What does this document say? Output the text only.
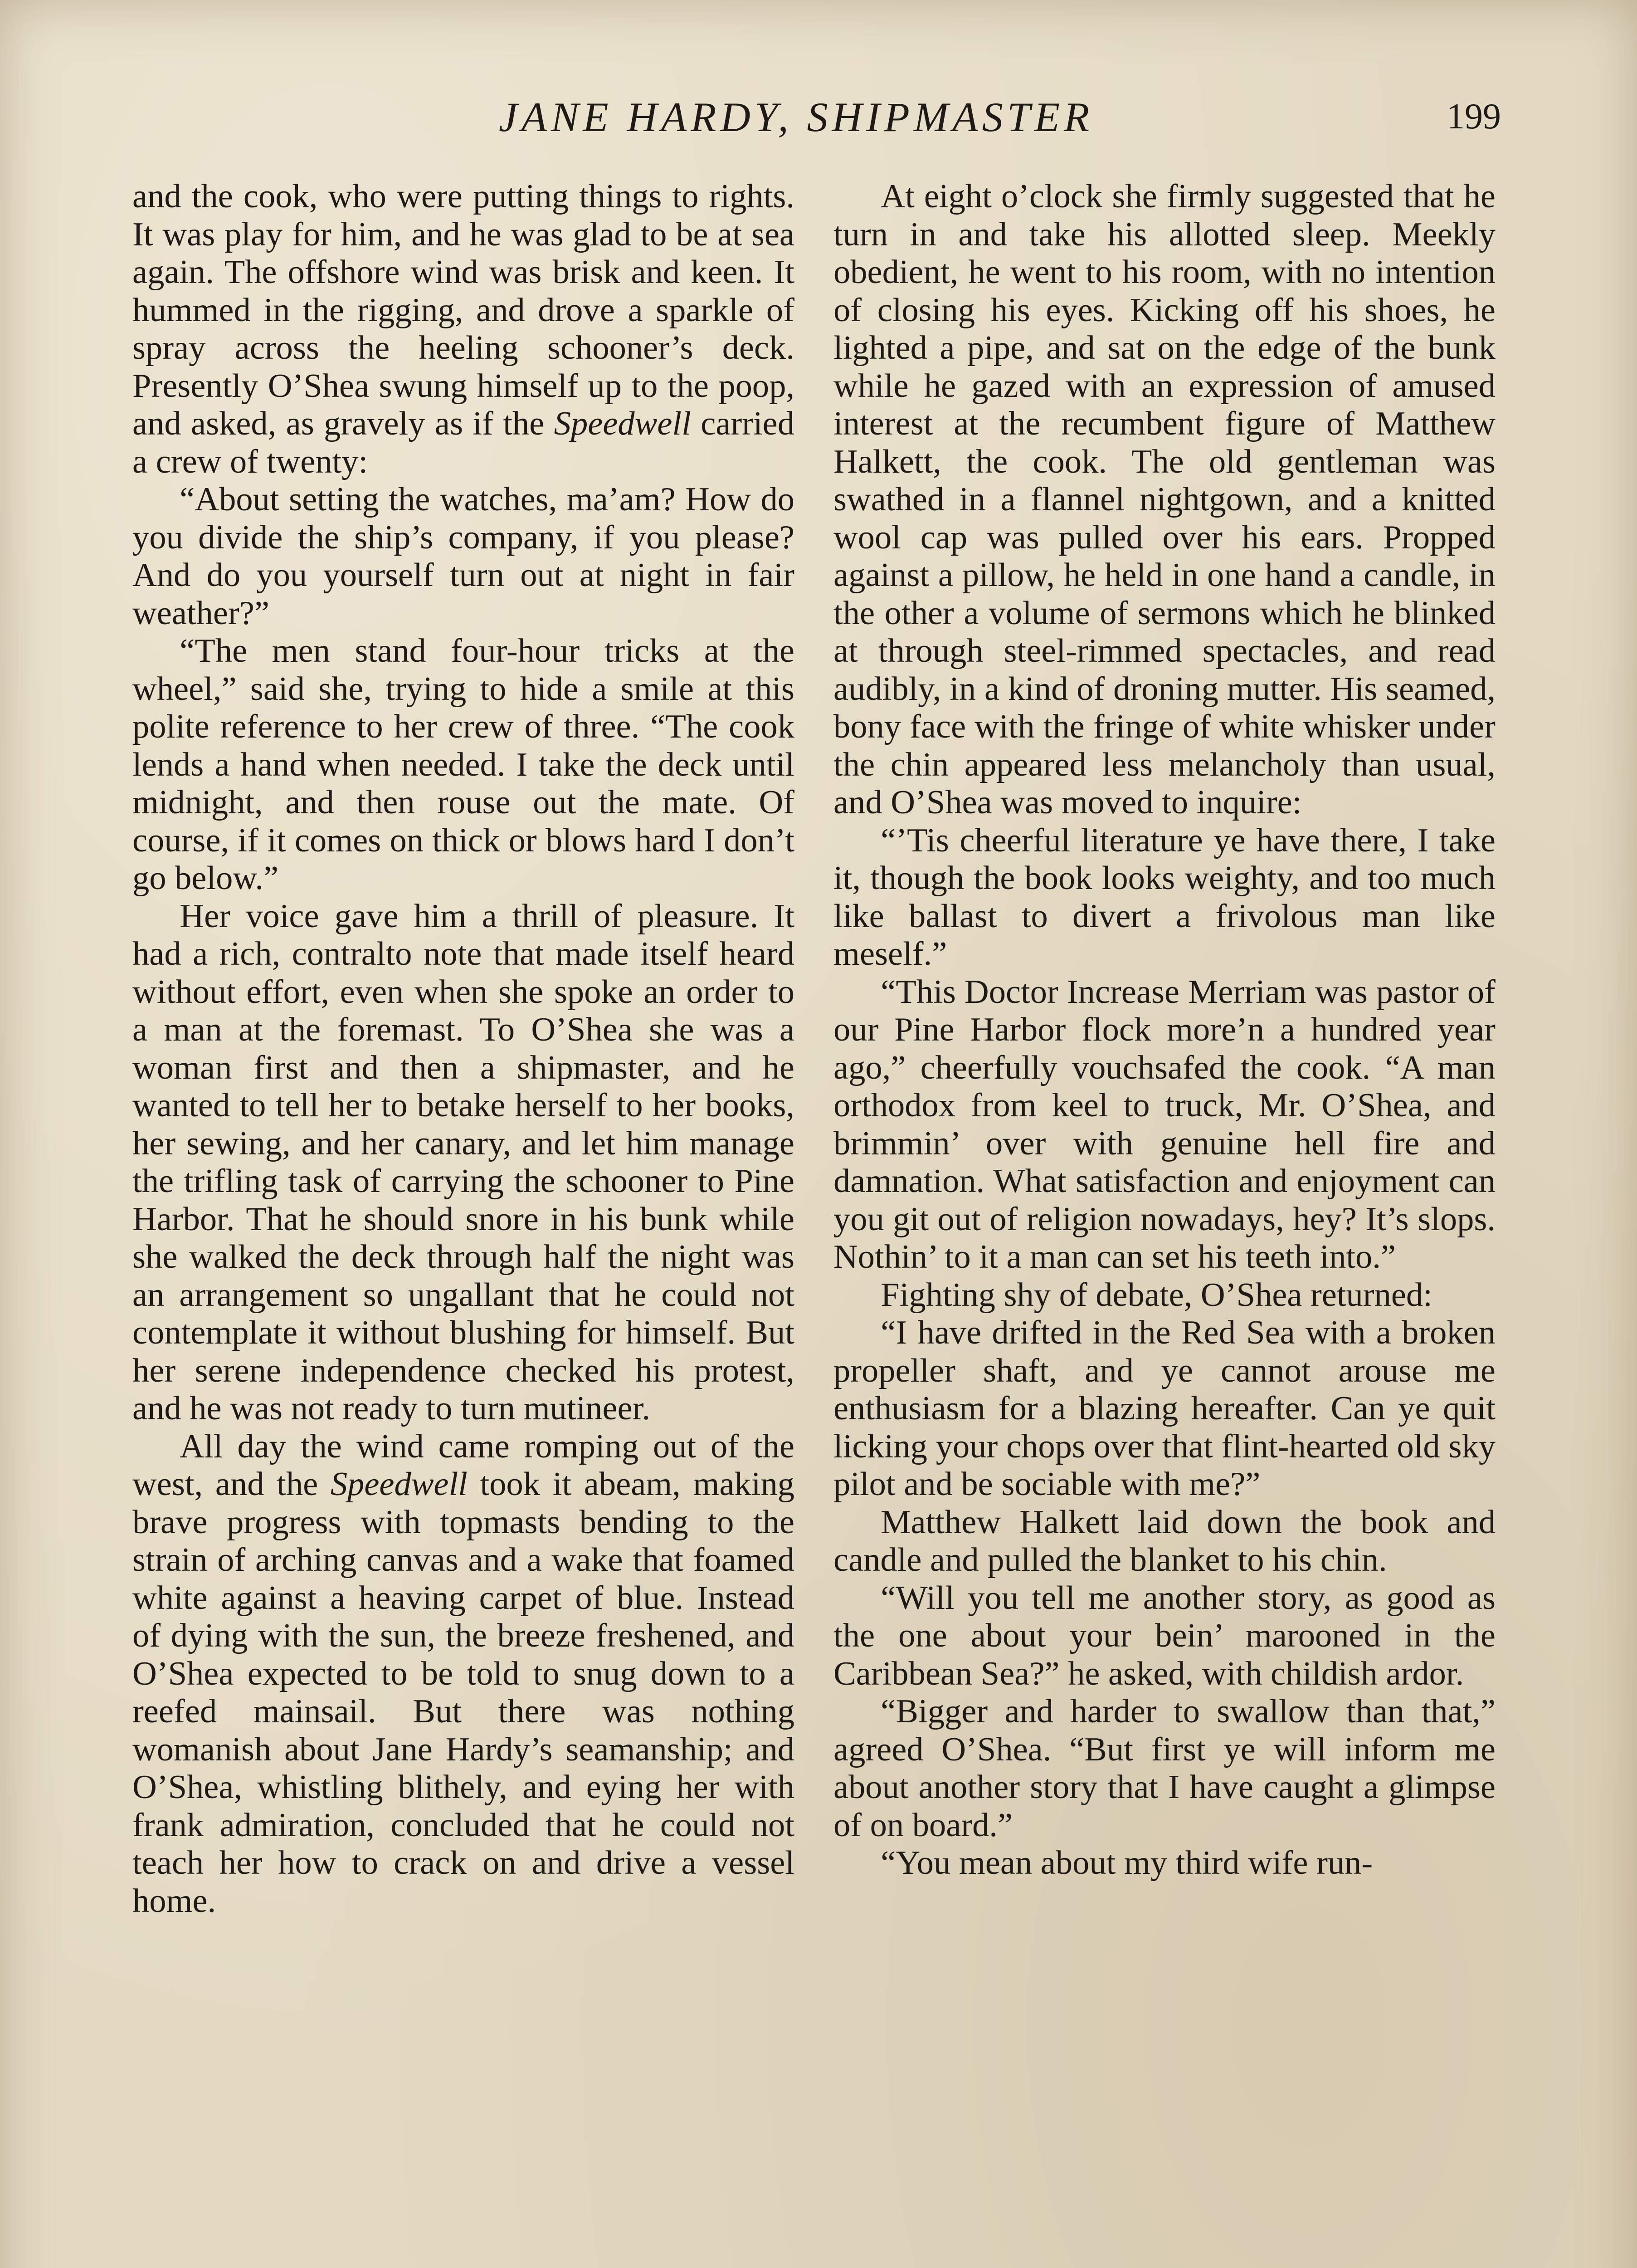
JANE HARDY, SHIPMASTER	199

and the cook, who were putting things to rights. It was play for him, and he was glad to be at sea again. The offshore wind was brisk and keen. It hummed in the rigging, and drove a sparkle of spray across the heeling schooner’s deck. Presently O’Shea swung himself up to the poop, and asked, as gravely as if the Speedwell carried a crew of twenty:

“About setting the watches, ma’am? How do you divide the ship’s company, if you please? And do you yourself turn out at night in fair weather?”

“The men stand four-hour tricks at the wheel,” said she, trying to hide a smile at this polite reference to her crew of three. “The cook lends a hand when needed. I take the deck until midnight, and then rouse out the mate. Of course, if it comes on thick or blows hard I don’t go below.”

Her voice gave him a thrill of pleasure. It had a rich, contralto note that made itself heard without effort, even when she spoke an order to a man at the foremast. To O’Shea she was a woman first and then a shipmaster, and he wanted to tell her to betake herself to her books, her sewing, and her canary, and let him manage the trifling task of carrying the schooner to Pine Harbor. That he should snore in his bunk while she walked the deck through half the night was an arrangement so ungallant that he could not contemplate it without blushing for himself. But her serene independence checked his protest, and he was not ready to turn mutineer.

All day the wind came romping out of the west, and the Speedwell took it abeam, making brave progress with topmasts bending to the strain of arching canvas and a wake that foamed white against a heaving carpet of blue. Instead of dying with the sun, the breeze freshened, and O’Shea expected to be told to snug down to a reefed mainsail. But there was nothing womanish about Jane Hardy’s seamanship; and O’Shea, whistling blithely, and eying her with frank admiration, concluded that he could not teach her how to crack on and drive a vessel home.

At eight o’clock she firmly suggested that he turn in and take his allotted sleep. Meekly obedient, he went to his room, with no intention of closing his eyes. Kicking off his shoes, he lighted a pipe, and sat on the edge of the bunk while he gazed with an expression of amused interest at the recumbent figure of Matthew Halkett, the cook. The old gentleman was swathed in a flannel nightgown, and a knitted wool cap was pulled over his ears. Propped against a pillow, he held in one hand a candle, in the other a volume of sermons which he blinked at through steel-rimmed spectacles, and read audibly, in a kind of droning mutter. His seamed, bony face with the fringe of white whisker under the chin appeared less melancholy than usual, and O’Shea was moved to inquire:

“’Tis cheerful literature ye have there, I take it, though the book looks weighty, and too much like ballast to divert a frivolous man like meself.”

“This Doctor Increase Merriam was pastor of our Pine Harbor flock more’n a hundred year ago,” cheerfully vouchsafed the cook. “A man orthodox from keel to truck, Mr. O’Shea, and brimmin’ over with genuine hell fire and damnation. What satisfaction and enjoyment can you git out of religion nowadays, hey? It’s slops. Nothin’ to it a man can set his teeth into.”

Fighting shy of debate, O’Shea returned:

“I have drifted in the Red Sea with a broken propeller shaft, and ye cannot arouse me enthusiasm for a blazing hereafter. Can ye quit licking your chops over that flint-hearted old sky pilot and be sociable with me?”

Matthew Halkett laid down the book and candle and pulled the blanket to his chin.

“Will you tell me another story, as good as the one about your bein’ marooned in the Caribbean Sea?” he asked, with childish ardor.

“Bigger and harder to swallow than that,” agreed O’Shea. “But first ye will inform me about another story that I have caught a glimpse of on board.”

“You mean about my third wife run-
